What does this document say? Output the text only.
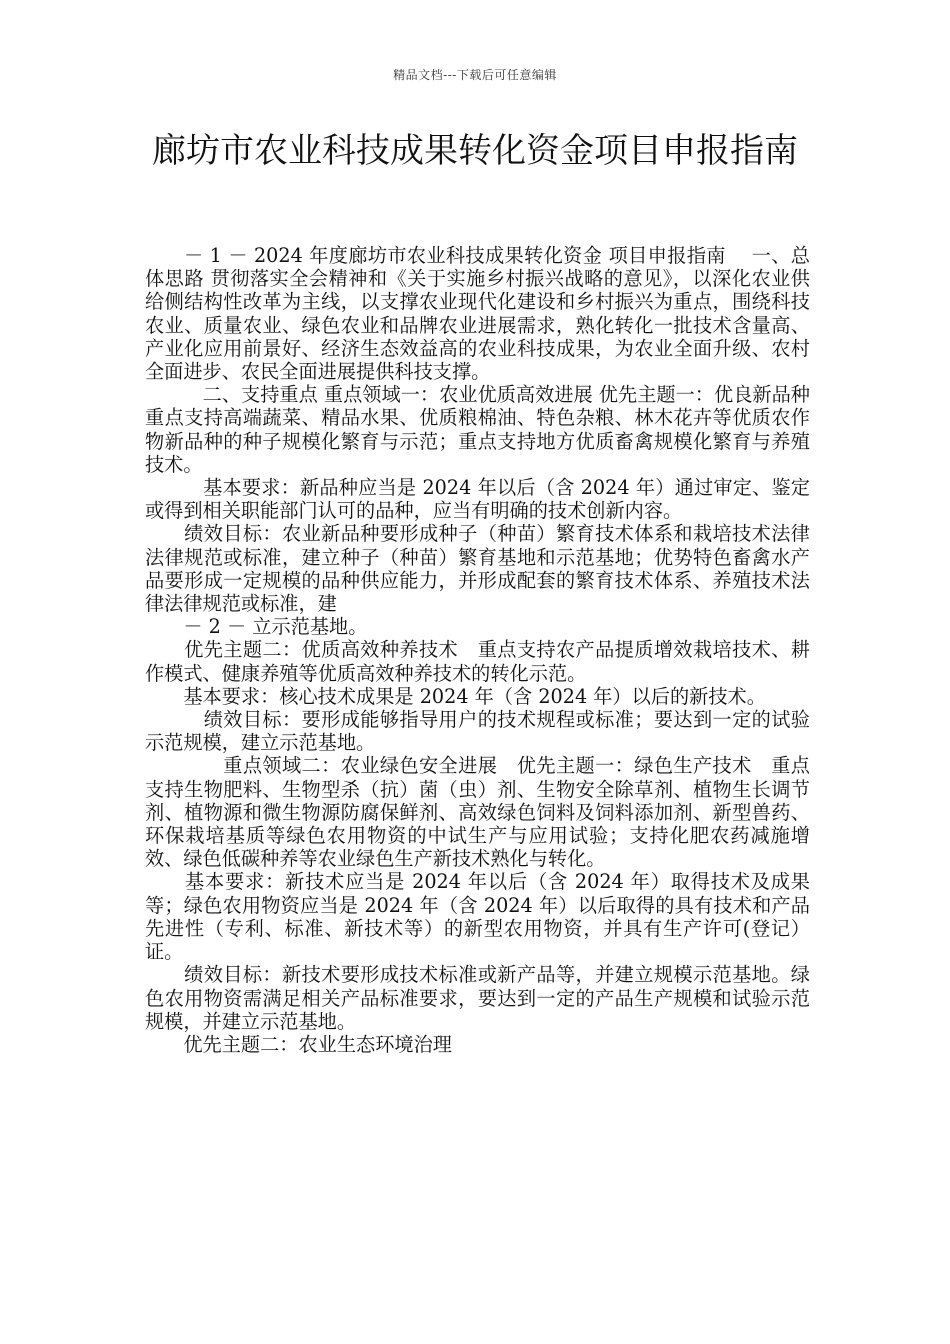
精品文档---下载后可任意编辑
廊坊市农业科技成果转化资金项目申报指南

　　－ 1 － 2024 年度廊坊市农业科技成果转化资金 项目申报指南　 一、总体思路 贯彻落实全会精神和《关于实施乡村振兴战略的意见》，以深化农业供给侧结构性改革为主线，以支撑农业现代化建设和乡村振兴为重点，围绕科技农业、质量农业、绿色农业和品牌农业进展需求，熟化转化一批技术含量高、产业化应用前景好、经济生态效益高的农业科技成果，为农业全面升级、农村全面进步、农民全面进展提供科技支撑。

　　　二、支持重点 重点领域一：农业优质高效进展 优先主题一：优良新品种　重点支持高端蔬菜、精品水果、优质粮棉油、特色杂粮、林木花卉等优质农作物新品种的种子规模化繁育与示范；重点支持地方优质畜禽规模化繁育与养殖技术。

　　　基本要求：新品种应当是 2024 年以后（含 2024 年）通过审定、鉴定或得到相关职能部门认可的品种，应当有明确的技术创新内容。

　　绩效目标：农业新品种要形成种子（种苗）繁育技术体系和栽培技术法律法律规范或标准，建立种子（种苗）繁育基地和示范基地；优势特色畜禽水产品要形成一定规模的品种供应能力，并形成配套的繁育技术体系、养殖技术法律法律规范或标准，建

　　－ 2 － 立示范基地。

　　优先主题二：优质高效种养技术　重点支持农产品提质增效栽培技术、耕作模式、健康养殖等优质高效种养技术的转化示范。

　　基本要求：核心技术成果是 2024 年（含 2024 年）以后的新技术。

　　　绩效目标：要形成能够指导用户的技术规程或标准；要达到一定的试验示范规模，建立示范基地。

　　　　重点领域二：农业绿色安全进展　优先主题一：绿色生产技术　重点支持生物肥料、生物型杀（抗）菌（虫）剂、生物安全除草剂、植物生长调节剂、植物源和微生物源防腐保鲜剂、高效绿色饲料及饲料添加剂、新型兽药、环保栽培基质等绿色农用物资的中试生产与应用试验；支持化肥农药减施增效、绿色低碳种养等农业绿色生产新技术熟化与转化。

　　基本要求：新技术应当是 2024 年以后（含 2024 年）取得技术及成果等；绿色农用物资应当是 2024 年（含 2024 年）以后取得的具有技术和产品先进性（专利、标准、新技术等）的新型农用物资，并具有生产许可(登记）证。

　　绩效目标：新技术要形成技术标准或新产品等，并建立规模示范基地。绿色农用物资需满足相关产品标准要求，要达到一定的产品生产规模和试验示范规模，并建立示范基地。

　　优先主题二：农业生态环境治理
